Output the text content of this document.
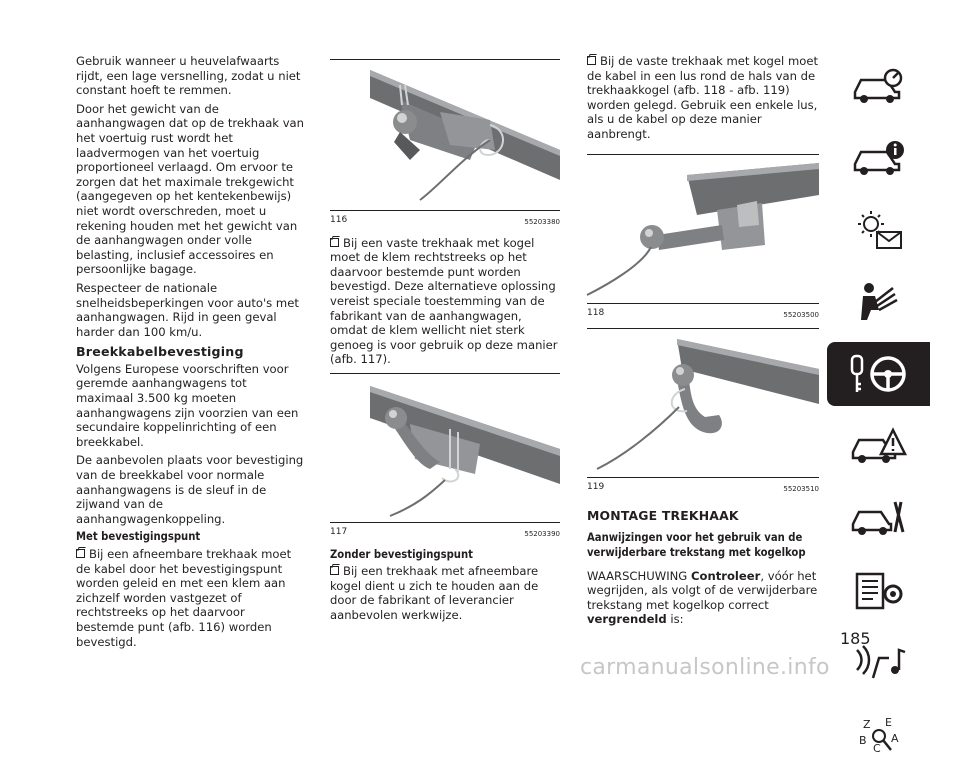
Gebruik wanneer u heuvelafwaarts rijdt, een lage versnelling, zodat u niet constant hoeft te remmen.

Door het gewicht van de aanhangwagen dat op de trekhaak van het voertuig rust wordt het laadvermogen van het voertuig proportioneel verlaagd. Om ervoor te zorgen dat het maximale trekgewicht (aangegeven op het kentekenbewijs) niet wordt overschreden, moet u rekening houden met het gewicht van de aanhangwagen onder volle belasting, inclusief accessoires en persoonlijke bagage.

Respecteer de nationale snelheidsbeperkingen voor auto's met aanhangwagen. Rijd in geen geval harder dan 100 km/u.

Breekkabelbevestiging

Volgens Europese voorschriften voor geremde aanhangwagens tot maximaal 3.500 kg moeten aanhangwagens zijn voorzien van een secundaire koppelinrichting of een breekkabel.

De aanbevolen plaats voor bevestiging van de breekkabel voor normale aanhangwagens is de sleuf in de zijwand van de aanhangwagenkoppeling.

Met bevestigingspunt

Bij een afneembare trekhaak moet de kabel door het bevestigingspunt worden geleid en met een klem aan zichzelf worden vastgezet of rechtstreeks op het daarvoor bestemde punt (afb. 116) worden bevestigd.

116	55203380

Bij een vaste trekhaak met kogel moet de klem rechtstreeks op het daarvoor bestemde punt worden bevestigd. Deze alternatieve oplossing vereist speciale toestemming van de fabrikant van de aanhangwagen, omdat de klem wellicht niet sterk genoeg is voor gebruik op deze manier (afb. 117).

117	55203390
Zonder bevestigingspunt

Bij een trekhaak met afneembare kogel dient u zich te houden aan de door de fabrikant of leverancier aanbevolen werkwijze.

Bij de vaste trekhaak met kogel moet de kabel in een lus rond de hals van de trekhaakkogel (afb. 118 - afb. 119) worden gelegd. Gebruik een enkele lus, als u de kabel op deze manier aanbrengt.

118	55203500
119	55203510
MONTAGE TREKHAAK
Aanwijzingen voor het gebruik van de verwijderbare trekstang met kogelkop

WAARSCHUWING Controleer, vóór het wegrijden, als volgt of de verwijderbare trekstang met kogelkop correct vergrendeld is:

Z E
B
C
A
185
carmanualsonline.info
